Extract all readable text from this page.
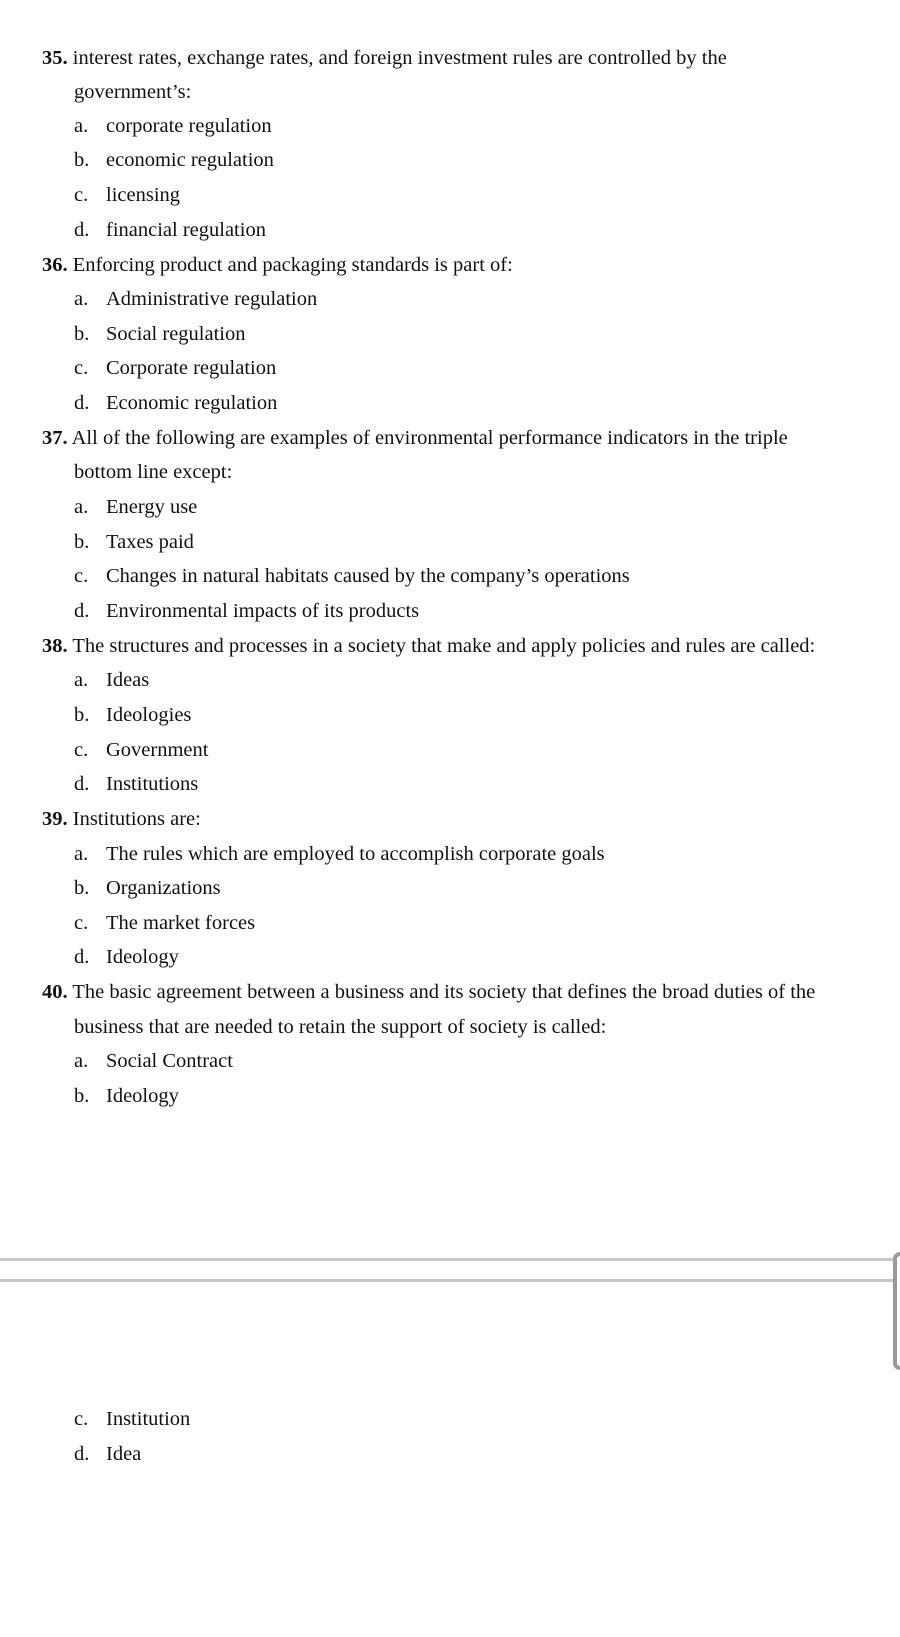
35. interest rates, exchange rates, and foreign investment rules are controlled by the
government’s:
a. corporate regulation
b. economic regulation
c. licensing
d. financial regulation
36. Enforcing product and packaging standards is part of:
a. Administrative regulation
b. Social regulation
c. Corporate regulation
d. Economic regulation
37. All of the following are examples of environmental performance indicators in the triple
bottom line except:
a. Energy use
b. Taxes paid
c. Changes in natural habitats caused by the company’s operations
d. Environmental impacts of its products
38. The structures and processes in a society that make and apply policies and rules are called:
a. Ideas
b. Ideologies
c. Government
d. Institutions
39. Institutions are:
a. The rules which are employed to accomplish corporate goals
b. Organizations
c. The market forces
d. Ideology
40. The basic agreement between a business and its society that defines the broad duties of the
business that are needed to retain the support of society is called:
a. Social Contract
b. Ideology
c. Institution
d. Idea
